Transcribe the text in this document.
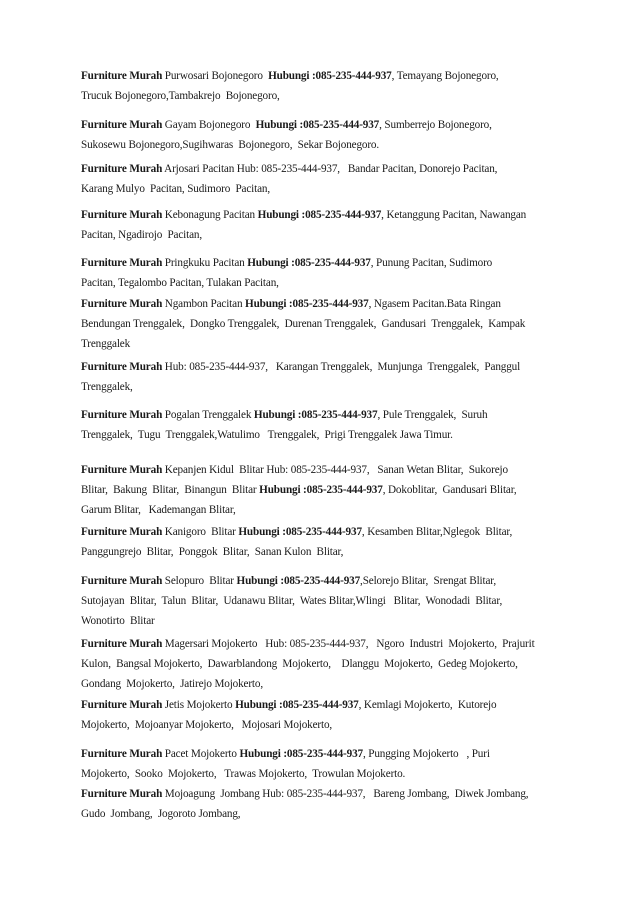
Furniture Murah Purwosari Bojonegoro  Hubungi :085-235-444-937, Temayang Bojonegoro,
Trucuk Bojonegoro,Tambakrejo  Bojonegoro,

Furniture Murah Gayam Bojonegoro  Hubungi :085-235-444-937, Sumberrejo Bojonegoro,
Sukosewu Bojonegoro,Sugihwaras  Bojonegoro,  Sekar Bojonegoro.

Furniture Murah Arjosari Pacitan Hub: 085-235-444-937,   Bandar Pacitan, Donorejo Pacitan,
Karang Mulyo  Pacitan, Sudimoro  Pacitan,

Furniture Murah Kebonagung Pacitan Hubungi :085-235-444-937, Ketanggung Pacitan, Nawangan
Pacitan, Ngadirojo  Pacitan,

Furniture Murah Pringkuku Pacitan Hubungi :085-235-444-937, Punung Pacitan, Sudimoro
Pacitan, Tegalombo Pacitan, Tulakan Pacitan,

Furniture Murah Ngambon Pacitan Hubungi :085-235-444-937, Ngasem Pacitan.Bata Ringan
Bendungan Trenggalek,  Dongko Trenggalek,  Durenan Trenggalek,  Gandusari  Trenggalek,  Kampak
Trenggalek

Furniture Murah Hub: 085-235-444-937,   Karangan Trenggalek,  Munjunga  Trenggalek,  Panggul
Trenggalek,

Furniture Murah Pogalan Trenggalek Hubungi :085-235-444-937, Pule Trenggalek,  Suruh
Trenggalek,  Tugu  Trenggalek,Watulimo   Trenggalek,  Prigi Trenggalek Jawa Timur.

Furniture Murah Kepanjen Kidul  Blitar Hub: 085-235-444-937,   Sanan Wetan Blitar,  Sukorejo
Blitar,  Bakung  Blitar,  Binangun  Blitar Hubungi :085-235-444-937, Dokoblitar,  Gandusari Blitar,
Garum Blitar,   Kademangan Blitar,

Furniture Murah Kanigoro  Blitar Hubungi :085-235-444-937, Kesamben Blitar,Nglegok  Blitar,
Panggungrejo  Blitar,  Ponggok  Blitar,  Sanan Kulon  Blitar,

Furniture Murah Selopuro  Blitar Hubungi :085-235-444-937,Selorejo Blitar,  Srengat Blitar,
Sutojayan  Blitar,  Talun  Blitar,  Udanawu Blitar,  Wates Blitar,Wlingi   Blitar,  Wonodadi  Blitar,
Wonotirto  Blitar

Furniture Murah Magersari Mojokerto   Hub: 085-235-444-937,   Ngoro  Industri  Mojokerto,  Prajurit
Kulon,  Bangsal Mojokerto,  Dawarblandong  Mojokerto,    Dlanggu  Mojokerto,  Gedeg Mojokerto,
Gondang  Mojokerto,  Jatirejo Mojokerto,

Furniture Murah Jetis Mojokerto Hubungi :085-235-444-937, Kemlagi Mojokerto,  Kutorejo
Mojokerto,  Mojoanyar Mojokerto,   Mojosari Mojokerto,

Furniture Murah Pacet Mojokerto Hubungi :085-235-444-937, Pungging Mojokerto   , Puri
Mojokerto,  Sooko  Mojokerto,   Trawas Mojokerto,  Trowulan Mojokerto.

Furniture Murah Mojoagung  Jombang Hub: 085-235-444-937,   Bareng Jombang,  Diwek Jombang,
Gudo  Jombang,  Jogoroto Jombang,
